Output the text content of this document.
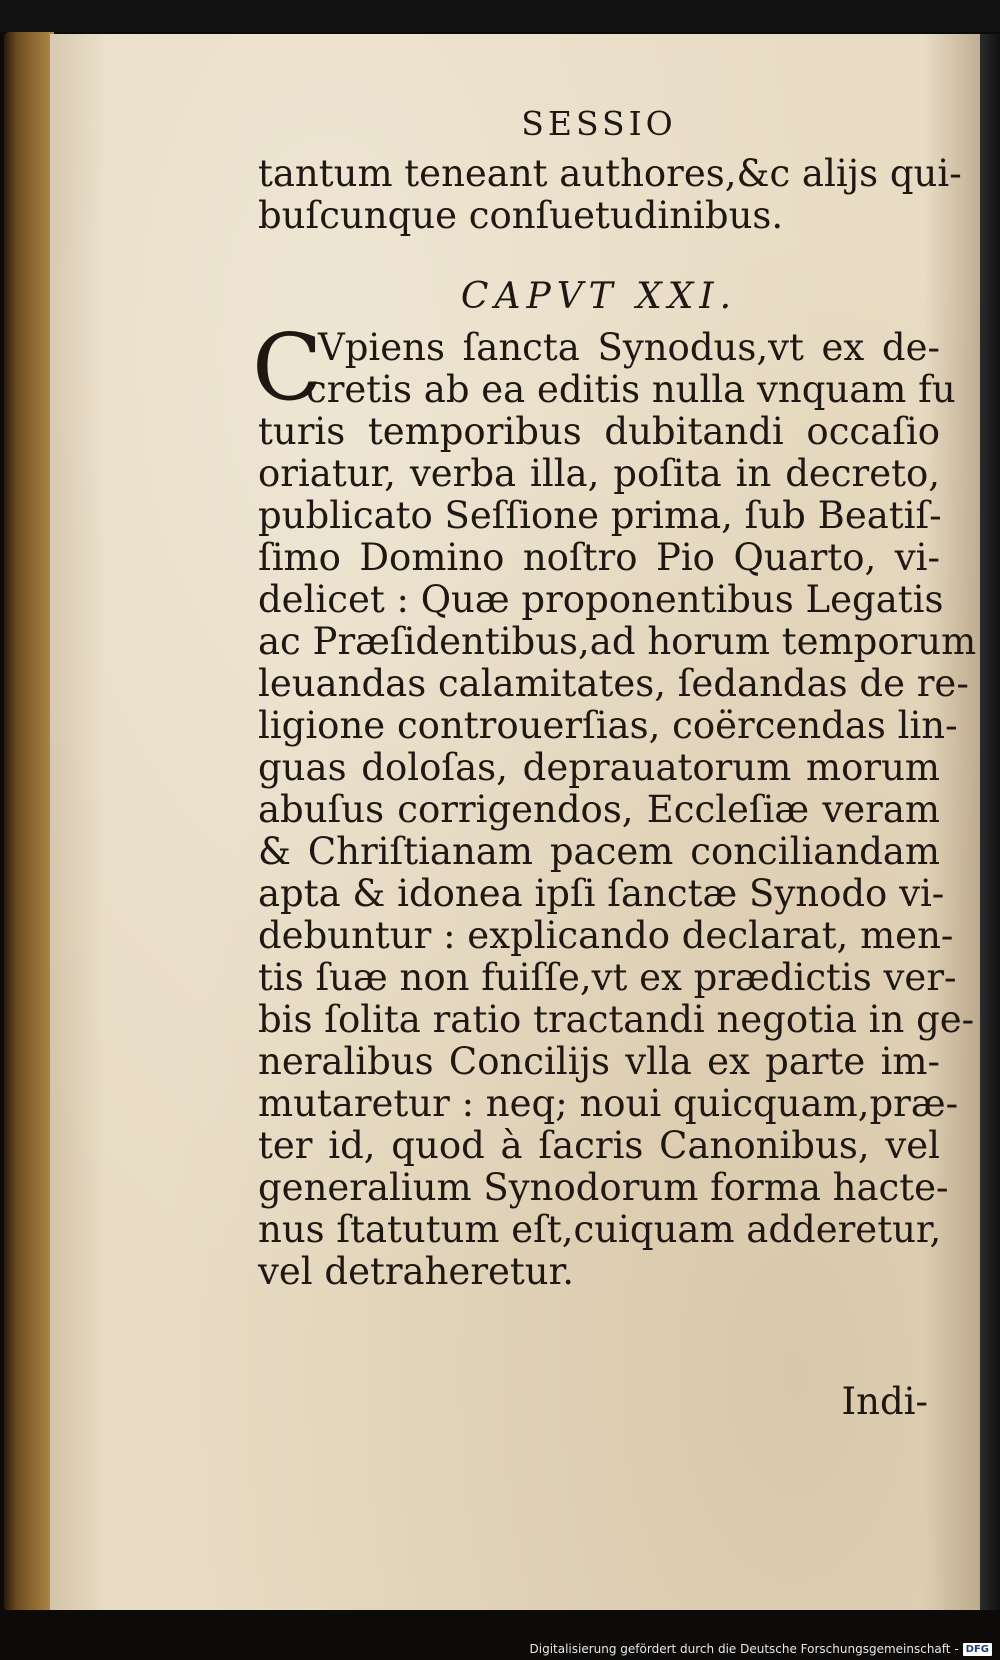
SESSIO
tantum teneant authores,&c alijs qui-
buſcunque conſuetudinibus.
CAPVT XXI.
C
Vpiens ſancta Synodus,vt ex de-
cretis ab ea editis nulla vnquam fu
turis temporibus dubitandi occaſio
oriatur, verba illa, poſita in decreto,
publicato Seſſione prima, ſub Beatiſ-
ſimo Domino noſtro Pio Quarto, vi-
delicet : Quæ proponentibus Legatis
ac Præſidentibus,ad horum temporum
leuandas calamitates, ſedandas de re-
ligione controuerſias, coërcendas lin-
guas doloſas, deprauatorum morum
abuſus corrigendos, Eccleſiæ veram
& Chriſtianam pacem conciliandam
apta & idonea ipſi ſanctæ Synodo vi-
debuntur : explicando declarat, men-
tis ſuæ non fuiſſe,vt ex prædictis ver-
bis ſolita ratio tractandi negotia in ge-
neralibus Concilijs vlla ex parte im-
mutaretur : neq; noui quicquam,præ-
ter id, quod à ſacris Canonibus, vel
generalium Synodorum forma hacte-
nus ſtatutum eſt,cuiquam adderetur,
vel detraheretur.
Indi-
Digitalisierung gefördert durch die Deutsche Forschungsgemeinschaft - DFG
